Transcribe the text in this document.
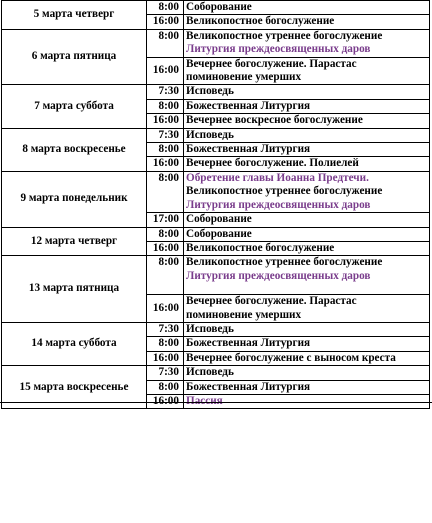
5 марта четверг	8:00	Соборование
	16:00	Великопостное богослужение
6 марта пятница	8:00	Великопостное утреннее богослужение
Литургия преждеосвященных даров

	16:00	Вечернее богослужение. Парастас
поминовение умерших

7 марта суббота	7:30	Исповедь
	8:00	Божественная Литургия
	16:00	Вечернее воскресное богослужение
8 марта воскресенье	7:30	Исповедь
	8:00	Божественная Литургия
	16:00	Вечернее богослужение. Полиелей
9 марта понедельник	8:00	Обретение главы Иоанна Предтечи.
Великопостное утреннее богослужение
Литургия преждеосвященных даров

	17:00	Соборование
12 марта четверг	8:00	Соборование
	16:00	Великопостное богослужение
13 марта пятница	8:00	Великопостное утреннее богослужение
Литургия преждеосвященных даров

	16:00	Вечернее богослужение. Парастас
поминовение умерших

14 марта суббота	7:30	Исповедь
	8:00	Божественная Литургия
	16:00	Вечернее богослужение с выносом креста
15 марта воскресенье	7:30	Исповедь
	8:00	Божественная Литургия
	16:00	Пассия
